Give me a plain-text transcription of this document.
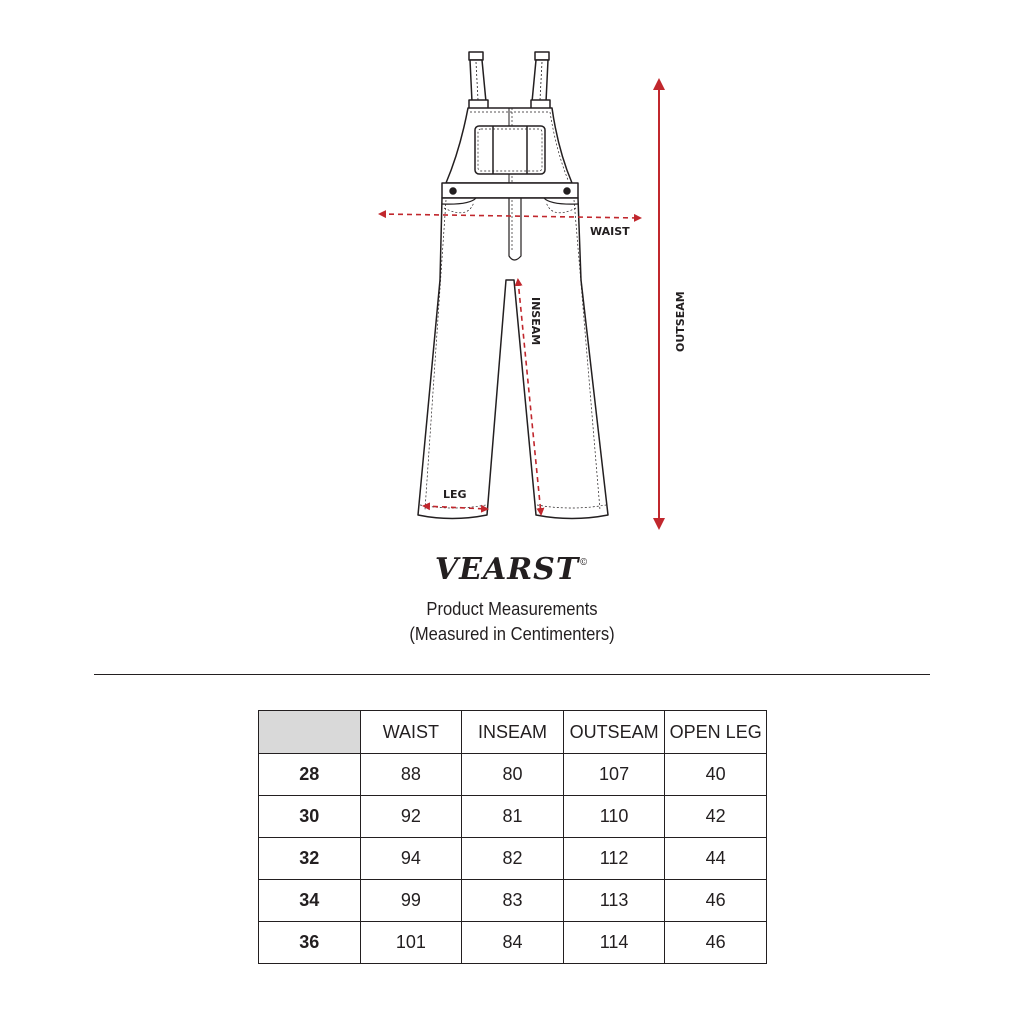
WAIST
LEG
INSEAM	OUTSEAM
VEARST©
Product Measurements
(Measured in Centimenters)
	WAIST	INSEAM	OUTSEAM	OPEN LEG
28	88	80	107	40
30	92	81	110	42
32	94	82	112	44
34	99	83	113	46
36	101	84	114	46
